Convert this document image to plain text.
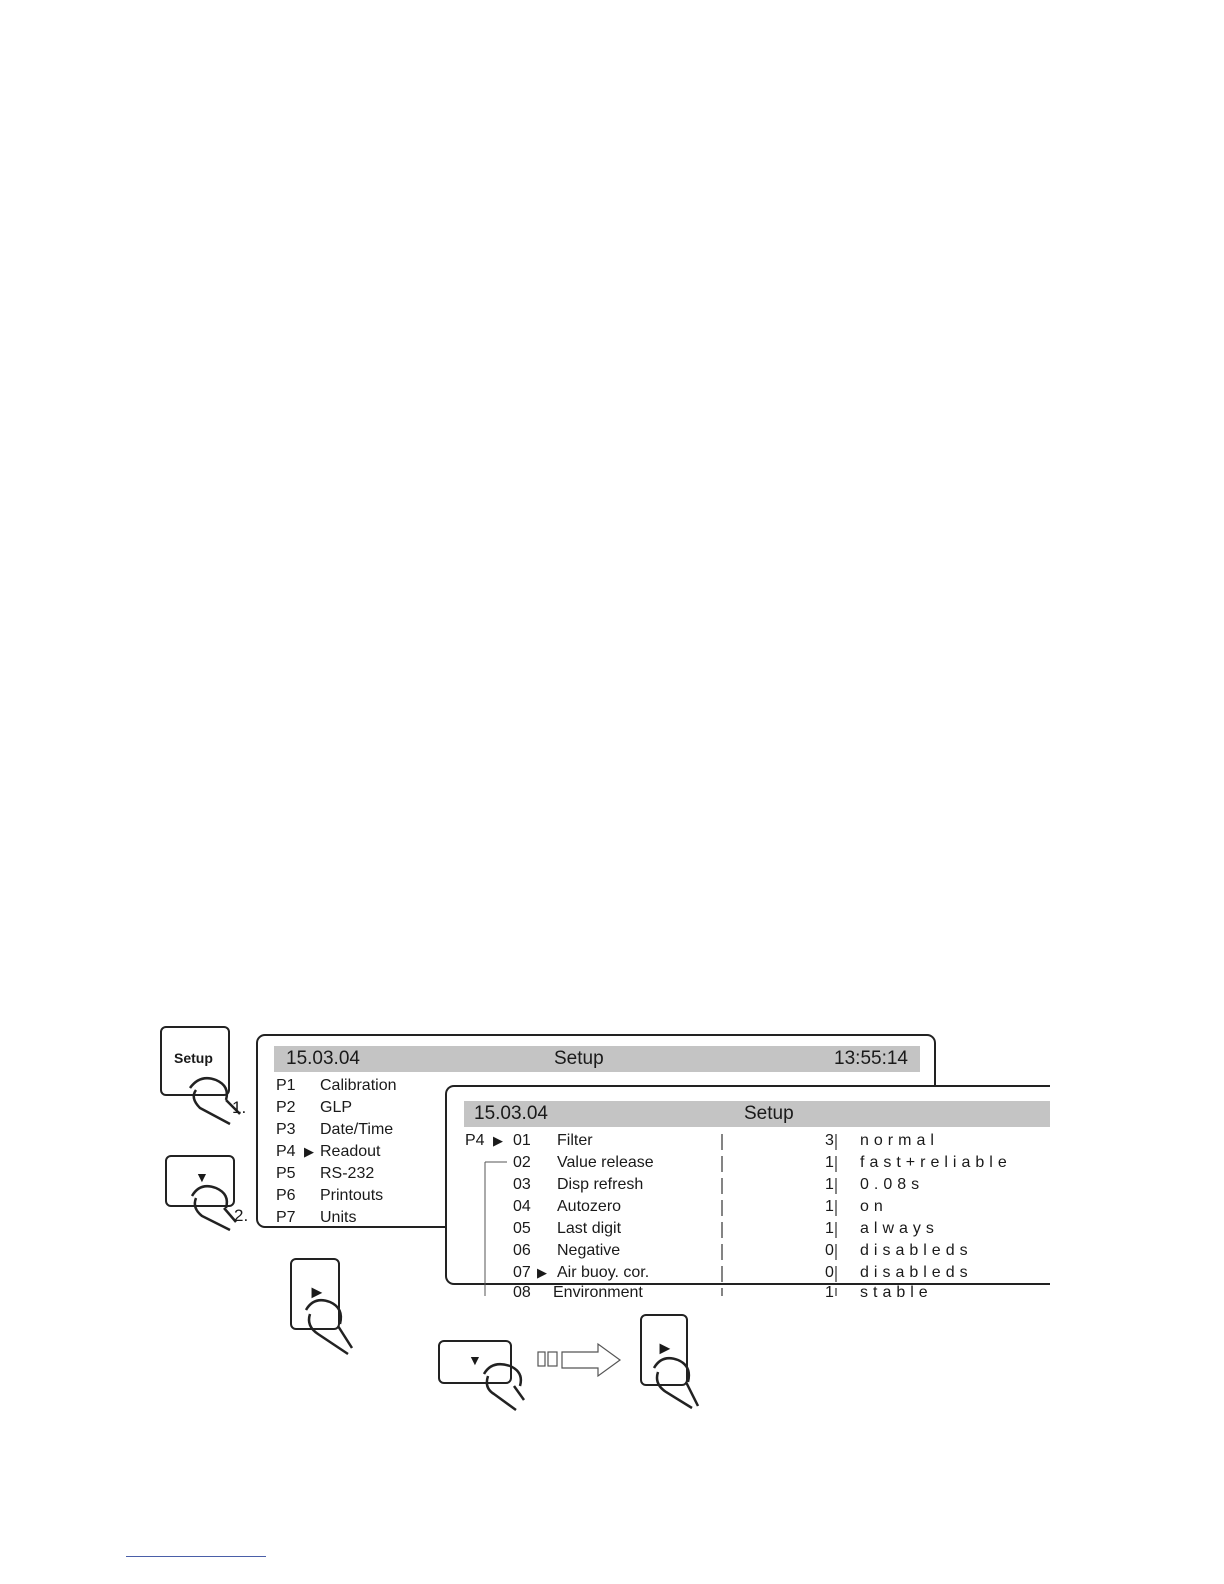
15.03.04	Setup	13:55:14
P1 Calibration
P2 GLP
P3 Date/Time
P4 ▶ Readout
P5 RS-232
P6 Printouts
P7 Units
15.03.04	Setup
P4 ▶ 01 Filter	3 normal
02 Value release	1 fast+reliable
03 Disp refresh	1 0.08s
04 Autozero	1 on
05 Last digit	1 always
06 Negative	0 disableds
07 ▶ Air buoy. cor.	0 disableds
08 Environment	1 stable
Setup
1.
▼
2.
►
▼
►
